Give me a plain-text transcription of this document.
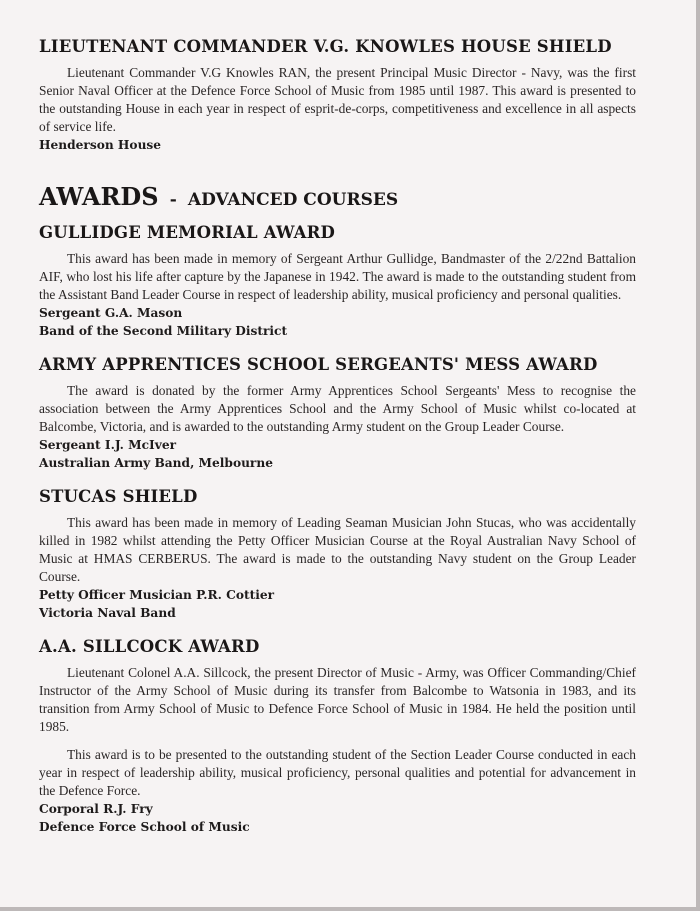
LIEUTENANT COMMANDER V.G. KNOWLES HOUSE SHIELD

Lieutenant Commander V.G Knowles RAN, the present Principal Music Director - Navy, was the first Senior Naval Officer at the Defence Force School of Music from 1985 until 1987. This award is presented to the outstanding House in each year in respect of esprit-de-corps, competitiveness and excellence in all aspects of service life.

Henderson House
AWARDS - ADVANCED COURSES
GULLIDGE MEMORIAL AWARD

This award has been made in memory of Sergeant Arthur Gullidge, Bandmaster of the 2/22nd Battalion AIF, who lost his life after capture by the Japanese in 1942. The award is made to the outstanding student from the Assistant Band Leader Course in respect of leadership ability, musical proficiency and personal qualities.

Sergeant G.A. Mason
Band of the Second Military District
ARMY APPRENTICES SCHOOL SERGEANTS' MESS AWARD

The award is donated by the former Army Apprentices School Sergeants' Mess to recognise the association between the Army Apprentices School and the Army School of Music whilst co-located at Balcombe, Victoria, and is awarded to the outstanding Army student on the Group Leader Course.

Sergeant I.J. McIver
Australian Army Band, Melbourne
STUCAS SHIELD

This award has been made in memory of Leading Seaman Musician John Stucas, who was accidentally killed in 1982 whilst attending the Petty Officer Musician Course at the Royal Australian Navy School of Music at HMAS CERBERUS. The award is made to the outstanding Navy student on the Group Leader Course.

Petty Officer Musician P.R. Cottier
Victoria Naval Band
A.A. SILLCOCK AWARD

Lieutenant Colonel A.A. Sillcock, the present Director of Music - Army, was Officer Commanding/Chief Instructor of the Army School of Music during its transfer from Balcombe to Watsonia in 1983, and its transition from Army School of Music to Defence Force School of Music in 1984. He held the position until 1985.

This award is to be presented to the outstanding student of the Section Leader Course conducted in each year in respect of leadership ability, musical proficiency, personal qualities and potential for advancement in the Defence Force.

Corporal R.J. Fry
Defence Force School of Music
